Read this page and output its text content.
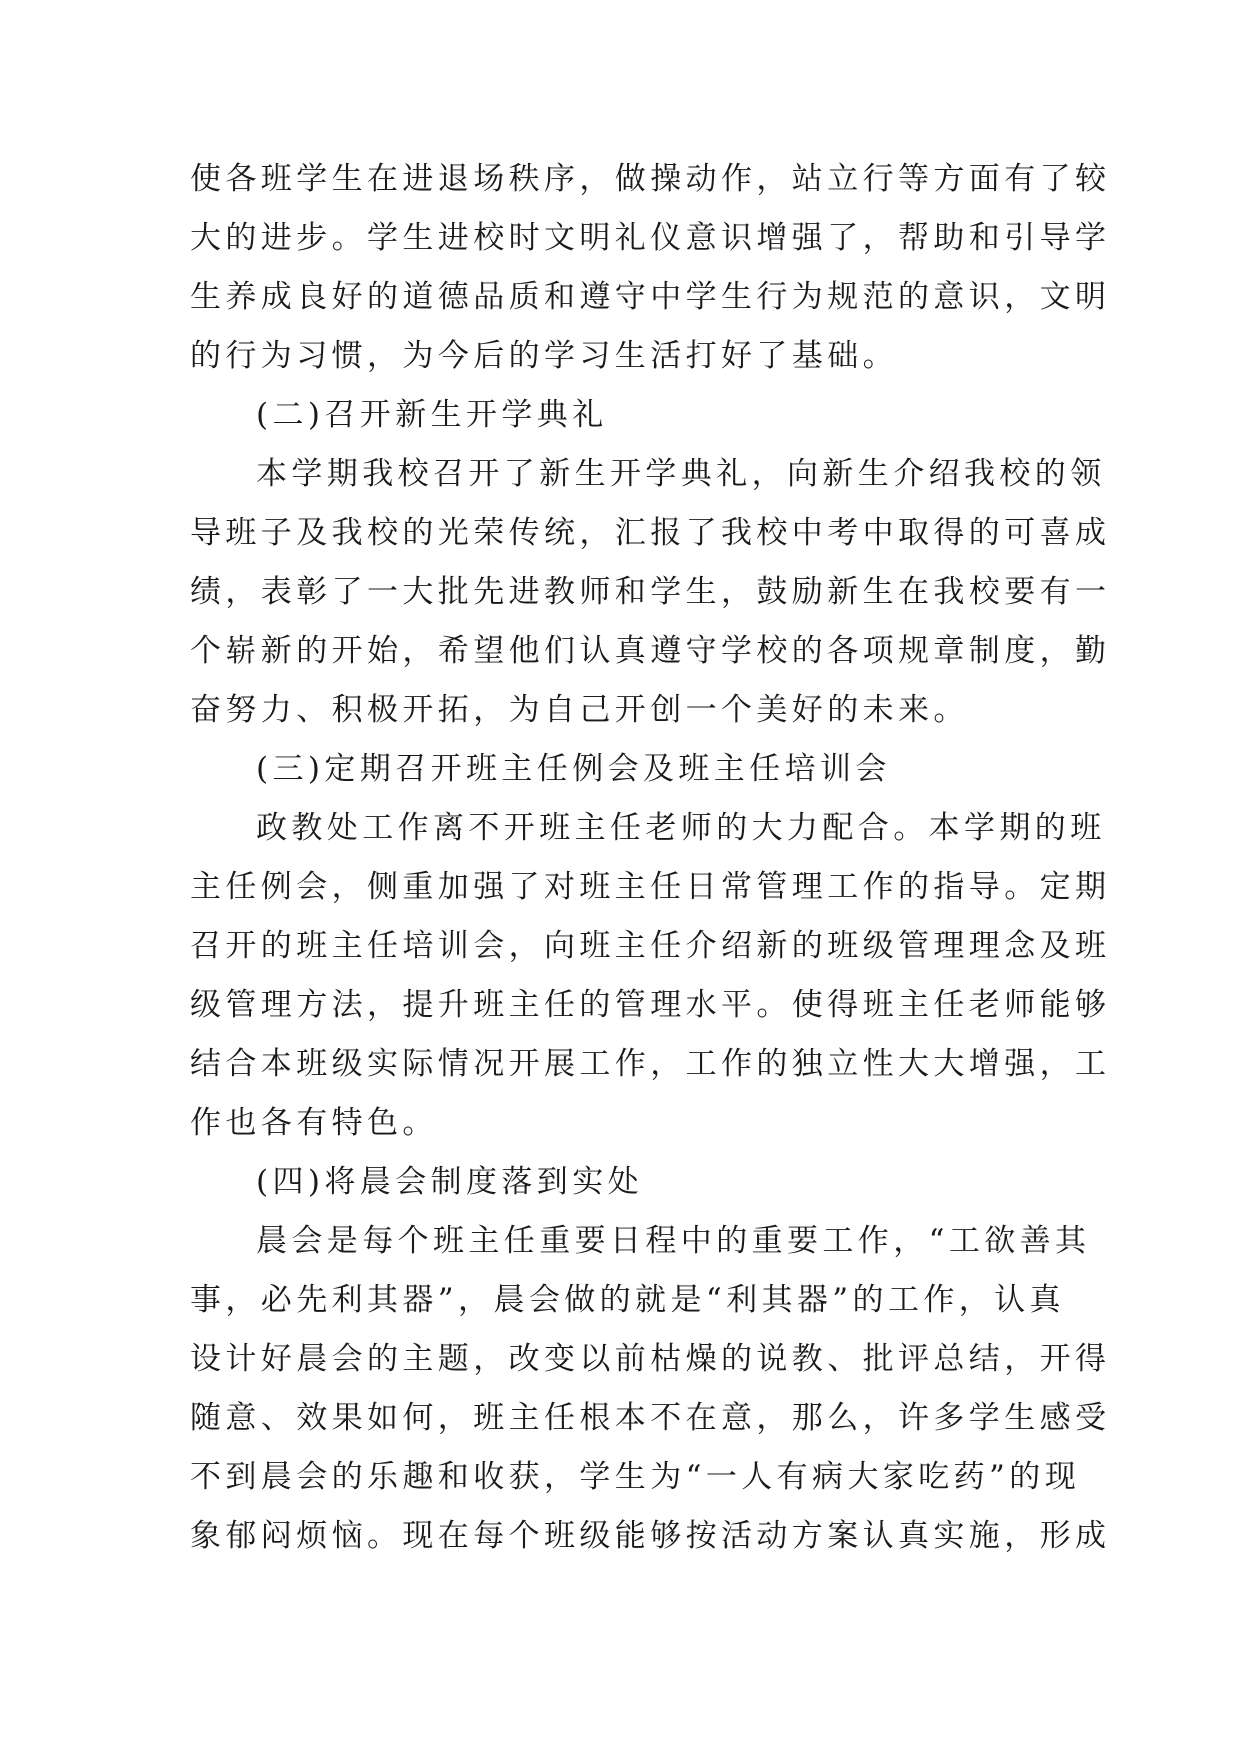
使各班学生在进退场秩序，做操动作，站立行等方面有了较
大的进步。学生进校时文明礼仪意识增强了，帮助和引导学
生养成良好的道德品质和遵守中学生行为规范的意识，文明
的行为习惯，为今后的学习生活打好了基础。
(二)召开新生开学典礼
本学期我校召开了新生开学典礼，向新生介绍我校的领
导班子及我校的光荣传统，汇报了我校中考中取得的可喜成
绩，表彰了一大批先进教师和学生，鼓励新生在我校要有一
个崭新的开始，希望他们认真遵守学校的各项规章制度，勤
奋努力、积极开拓，为自己开创一个美好的未来。
(三)定期召开班主任例会及班主任培训会
政教处工作离不开班主任老师的大力配合。本学期的班
主任例会，侧重加强了对班主任日常管理工作的指导。定期
召开的班主任培训会，向班主任介绍新的班级管理理念及班
级管理方法，提升班主任的管理水平。使得班主任老师能够
结合本班级实际情况开展工作，工作的独立性大大增强，工
作也各有特色。
(四)将晨会制度落到实处
晨会是每个班主任重要日程中的重要工作，“工欲善其
事，必先利其器”，晨会做的就是“利其器”的工作，认真
设计好晨会的主题，改变以前枯燥的说教、批评总结，开得
随意、效果如何，班主任根本不在意，那么，许多学生感受
不到晨会的乐趣和收获，学生为“一人有病大家吃药”的现
象郁闷烦恼。现在每个班级能够按活动方案认真实施，形成
